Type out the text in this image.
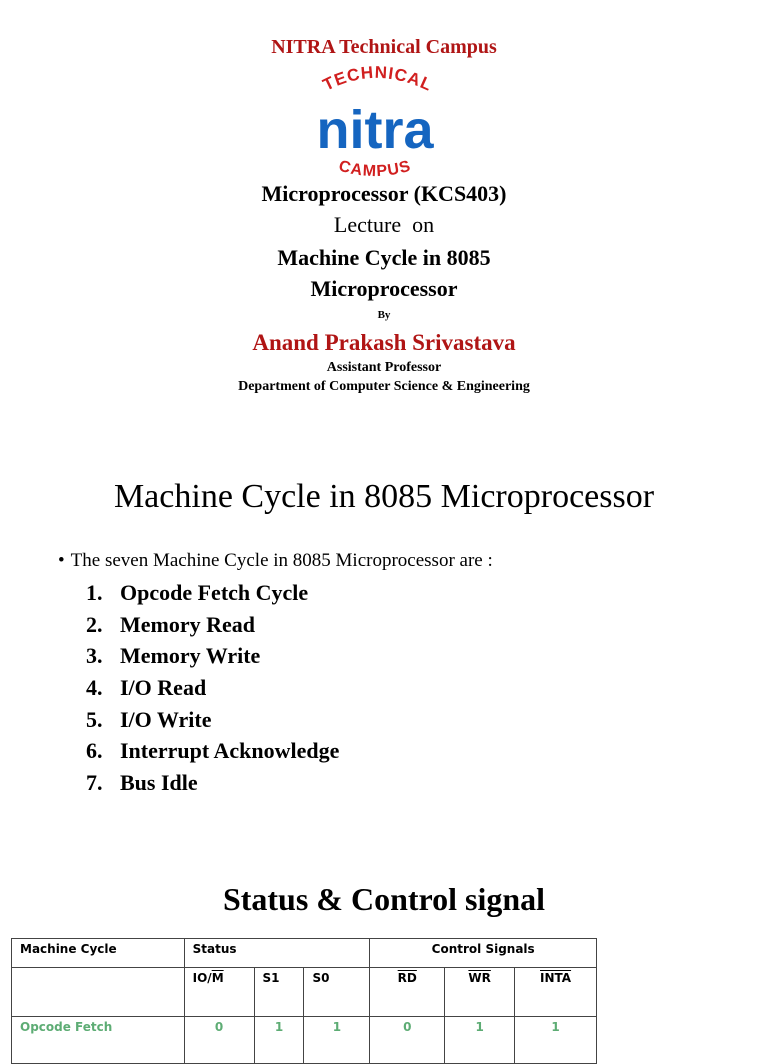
NITRA Technical Campus
TECHNICAL
nitra
CAMPUS
Microprocessor (KCS403)
Lecture  on
Machine Cycle in 8085
Microprocessor
By
Anand Prakash Srivastava
Assistant Professor
Department of Computer Science & Engineering
Machine Cycle in 8085 Microprocessor
• The seven Machine Cycle in 8085 Microprocessor are :
1. Opcode Fetch Cycle
2. Memory Read
3. Memory Write
4. I/O Read
5. I/O Write
6. Interrupt Acknowledge
7. Bus Idle
Status & Control signal
Machine Cycle	Status			Control Signals		
	$IO/\overline{M}$	S1	S0	$\overline{RD}$	$\overline{WR}$	INTA
Opcode Fetch	0	1	1	0	1	1
